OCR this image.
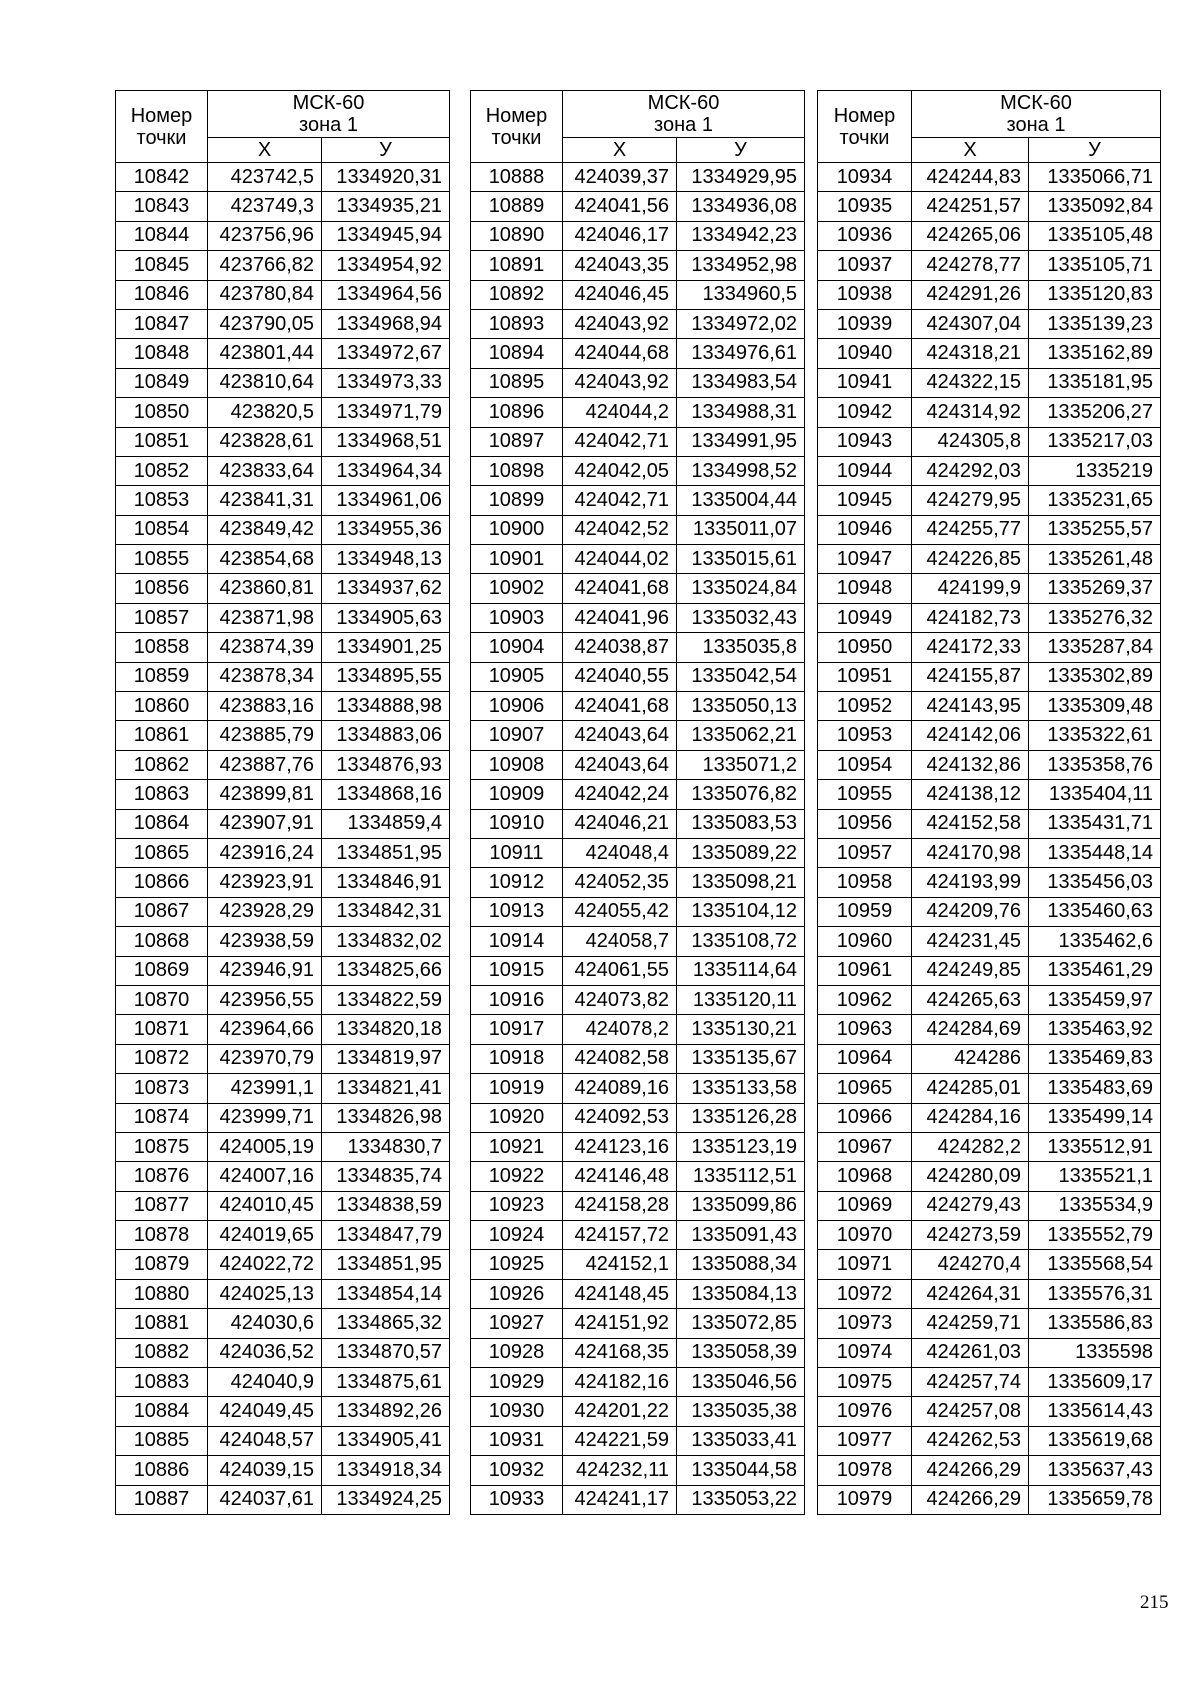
Номер точки	МСК-60
зона 1	

	Х	У
10842	423742,5	1334920,31
10843	423749,3	1334935,21
10844	423756,96	1334945,94
10845	423766,82	1334954,92
10846	423780,84	1334964,56
10847	423790,05	1334968,94
10848	423801,44	1334972,67
10849	423810,64	1334973,33
10850	423820,5	1334971,79
10851	423828,61	1334968,51
10852	423833,64	1334964,34
10853	423841,31	1334961,06
10854	423849,42	1334955,36
10855	423854,68	1334948,13
10856	423860,81	1334937,62
10857	423871,98	1334905,63
10858	423874,39	1334901,25
10859	423878,34	1334895,55
10860	423883,16	1334888,98
10861	423885,79	1334883,06
10862	423887,76	1334876,93
10863	423899,81	1334868,16
10864	423907,91	1334859,4
10865	423916,24	1334851,95
10866	423923,91	1334846,91
10867	423928,29	1334842,31
10868	423938,59	1334832,02
10869	423946,91	1334825,66
10870	423956,55	1334822,59
10871	423964,66	1334820,18
10872	423970,79	1334819,97
10873	423991,1	1334821,41
10874	423999,71	1334826,98
10875	424005,19	1334830,7
10876	424007,16	1334835,74
10877	424010,45	1334838,59
10878	424019,65	1334847,79
10879	424022,72	1334851,95
10880	424025,13	1334854,14
10881	424030,6	1334865,32
10882	424036,52	1334870,57
10883	424040,9	1334875,61
10884	424049,45	1334892,26
10885	424048,57	1334905,41
10886	424039,15	1334918,34
10887	424037,61	1334924,25
Номер точки	МСК-60
зона 1	

	Х	У
10888	424039,37	1334929,95
10889	424041,56	1334936,08
10890	424046,17	1334942,23
10891	424043,35	1334952,98
10892	424046,45	1334960,5
10893	424043,92	1334972,02
10894	424044,68	1334976,61
10895	424043,92	1334983,54
10896	424044,2	1334988,31
10897	424042,71	1334991,95
10898	424042,05	1334998,52
10899	424042,71	1335004,44
10900	424042,52	1335011,07
10901	424044,02	1335015,61
10902	424041,68	1335024,84
10903	424041,96	1335032,43
10904	424038,87	1335035,8
10905	424040,55	1335042,54
10906	424041,68	1335050,13
10907	424043,64	1335062,21
10908	424043,64	1335071,2
10909	424042,24	1335076,82
10910	424046,21	1335083,53
10911	424048,4	1335089,22
10912	424052,35	1335098,21
10913	424055,42	1335104,12
10914	424058,7	1335108,72
10915	424061,55	1335114,64
10916	424073,82	1335120,11
10917	424078,2	1335130,21
10918	424082,58	1335135,67
10919	424089,16	1335133,58
10920	424092,53	1335126,28
10921	424123,16	1335123,19
10922	424146,48	1335112,51
10923	424158,28	1335099,86
10924	424157,72	1335091,43
10925	424152,1	1335088,34
10926	424148,45	1335084,13
10927	424151,92	1335072,85
10928	424168,35	1335058,39
10929	424182,16	1335046,56
10930	424201,22	1335035,38
10931	424221,59	1335033,41
10932	424232,11	1335044,58
10933	424241,17	1335053,22
Номер точки	МСК-60
зона 1	

	Х	У
10934	424244,83	1335066,71
10935	424251,57	1335092,84
10936	424265,06	1335105,48
10937	424278,77	1335105,71
10938	424291,26	1335120,83
10939	424307,04	1335139,23
10940	424318,21	1335162,89
10941	424322,15	1335181,95
10942	424314,92	1335206,27
10943	424305,8	1335217,03
10944	424292,03	1335219
10945	424279,95	1335231,65
10946	424255,77	1335255,57
10947	424226,85	1335261,48
10948	424199,9	1335269,37
10949	424182,73	1335276,32
10950	424172,33	1335287,84
10951	424155,87	1335302,89
10952	424143,95	1335309,48
10953	424142,06	1335322,61
10954	424132,86	1335358,76
10955	424138,12	1335404,11
10956	424152,58	1335431,71
10957	424170,98	1335448,14
10958	424193,99	1335456,03
10959	424209,76	1335460,63
10960	424231,45	1335462,6
10961	424249,85	1335461,29
10962	424265,63	1335459,97
10963	424284,69	1335463,92
10964	424286	1335469,83
10965	424285,01	1335483,69
10966	424284,16	1335499,14
10967	424282,2	1335512,91
10968	424280,09	1335521,1
10969	424279,43	1335534,9
10970	424273,59	1335552,79
10971	424270,4	1335568,54
10972	424264,31	1335576,31
10973	424259,71	1335586,83
10974	424261,03	1335598
10975	424257,74	1335609,17
10976	424257,08	1335614,43
10977	424262,53	1335619,68
10978	424266,29	1335637,43
10979	424266,29	1335659,78
215
